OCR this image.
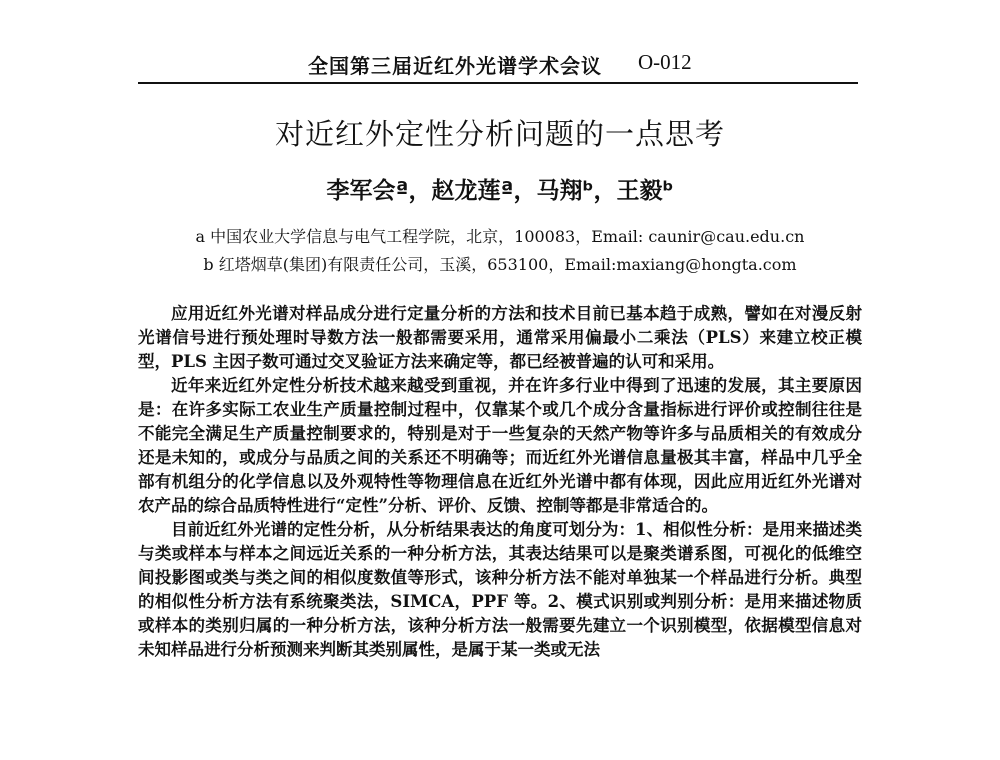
全国第三届近红外光谱学术会议 O-012
对近红外定性分析问题的一点思考
李军会ª，赵龙莲ª，马翔ᵇ，王毅ᵇ
a 中国农业大学信息与电气工程学院，北京，100083，Email: caunir@cau.edu.cn
b 红塔烟草(集团)有限责任公司，玉溪，653100，Email:maxiang@hongta.com

应用近红外光谱对样品成分进行定量分析的方法和技术目前已基本趋于成熟，譬如在对漫反射光谱信号进行预处理时导数方法一般都需要采用，通常采用偏最小二乘法（PLS）来建立校正模型，PLS 主因子数可通过交叉验证方法来确定等，都已经被普遍的认可和采用。

近年来近红外定性分析技术越来越受到重视，并在许多行业中得到了迅速的发展，其主要原因是：在许多实际工农业生产质量控制过程中，仅靠某个或几个成分含量指标进行评价或控制往往是不能完全满足生产质量控制要求的，特别是对于一些复杂的天然产物等许多与品质相关的有效成分还是未知的，或成分与品质之间的关系还不明确等；而近红外光谱信息量极其丰富，样品中几乎全部有机组分的化学信息以及外观特性等物理信息在近红外光谱中都有体现，因此应用近红外光谱对农产品的综合品质特性进行“定性”分析、评价、反馈、控制等都是非常适合的。

目前近红外光谱的定性分析，从分析结果表达的角度可划分为：1、相似性分析：是用来描述类与类或样本与样本之间远近关系的一种分析方法，其表达结果可以是聚类谱系图，可视化的低维空间投影图或类与类之间的相似度数值等形式，该种分析方法不能对单独某一个样品进行分析。典型的相似性分析方法有系统聚类法，SIMCA，PPF 等。2、模式识别或判别分析：是用来描述物质或样本的类别归属的一种分析方法，该种分析方法一般需要先建立一个识别模型，依据模型信息对未知样品进行分析预测来判断其类别属性，是属于某一类或无法
